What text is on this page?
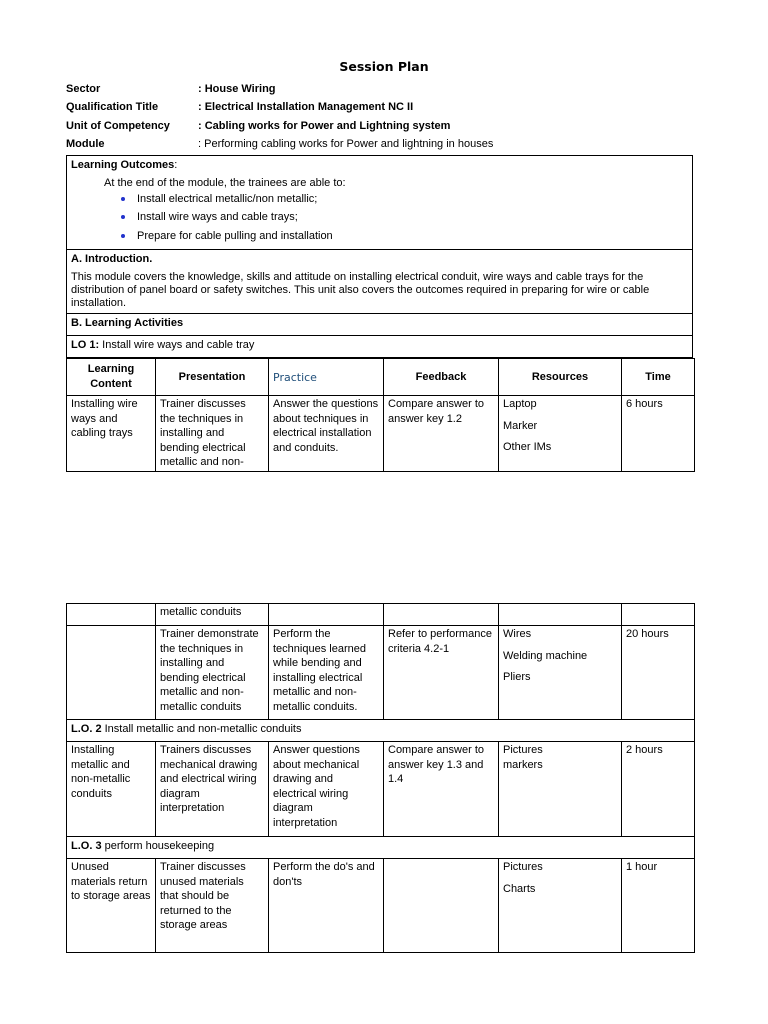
Session Plan
Sector	: House Wiring
Qualification Title	: Electrical Installation Management NC II
Unit of Competency	: Cabling works for Power and Lightning system
Module	: Performing cabling works for Power and lightning in houses
Learning Outcomes:
At the end of the module, the trainees are able to:
Install electrical metallic/non metallic;
Install wire ways and cable trays;
Prepare for cable pulling and installation
A. Introduction.
This module covers the knowledge, skills and attitude on installing electrical conduit, wire ways and cable trays for the distribution of panel board or safety switches. This unit also covers the outcomes required in preparing for wire or cable installation.
B. Learning Activities
LO 1: Install wire ways and cable tray
Learning Content	Presentation	Practice	Feedback	Resources	Time
Installing wire ways and cabling trays	Trainer discusses the techniques in installing and bending electrical metallic and non-	Answer the questions about techniques in electrical installation and conduits.	Compare answer to answer key 1.2	Laptop
Marker
Other IMs	6 hours
	metallic conduits				
	Trainer demonstrate the techniques in installing and bending electrical metallic and non-metallic conduits	Perform the techniques learned while bending and installing electrical metallic and non-metallic conduits.	Refer to performance criteria 4.2-1	Wires
Welding machine
Pliers	20 hours
L.O. 2 Install metallic and non-metallic conduits					
Installing metallic and non-metallic conduits	Trainers discusses mechanical drawing and electrical wiring diagram interpretation	Answer questions about mechanical drawing and electrical wiring diagram interpretation	Compare answer to answer key 1.3 and 1.4	Pictures
markers	2 hours
L.O. 3 perform housekeeping					
Unused materials return to storage areas	Trainer discusses unused materials that should be returned to the storage areas	Perform the do's and don'ts		Pictures
Charts	1 hour
